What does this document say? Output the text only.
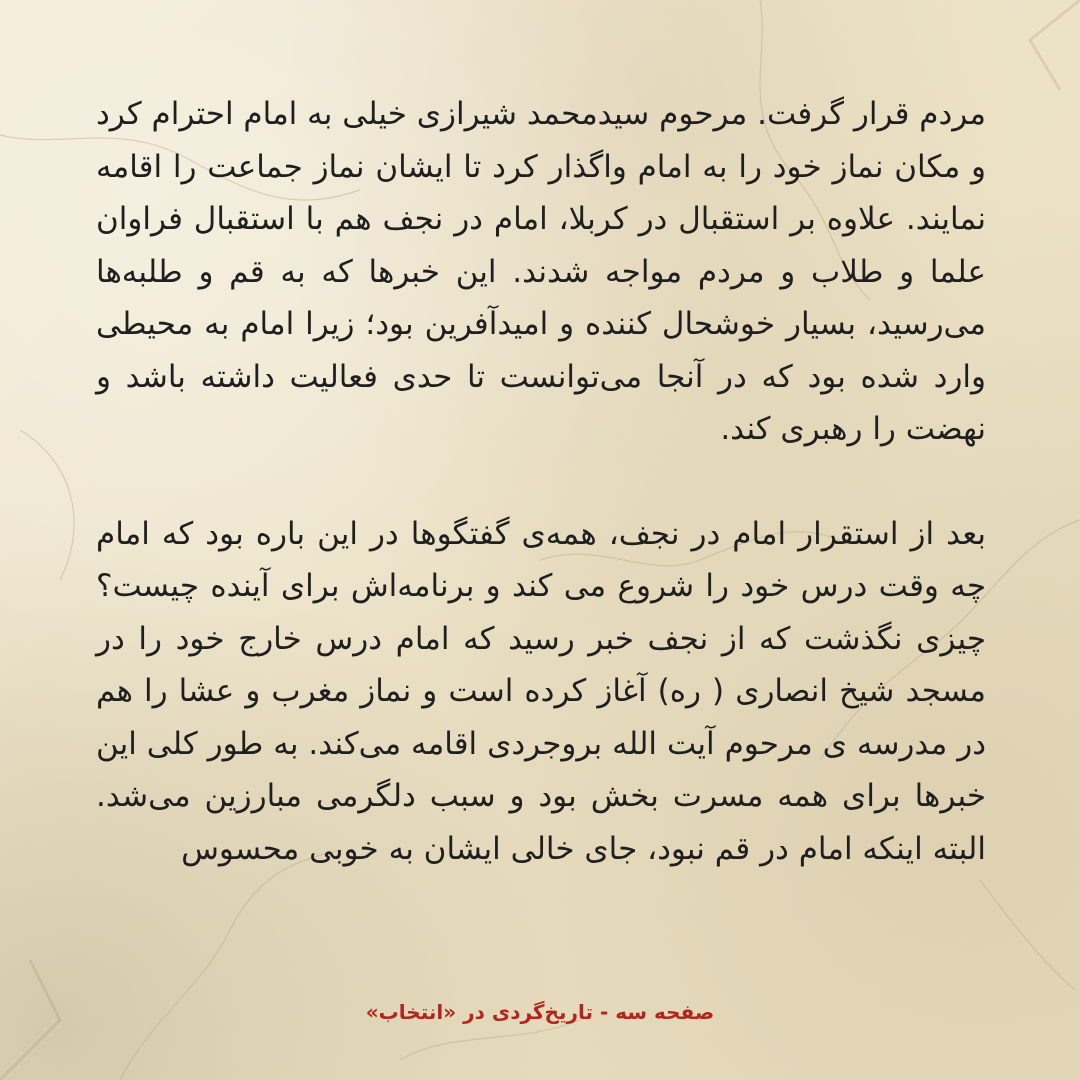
مردم قرار گرفت. مرحوم سیدمحمد شیرازی خیلی به امام احترام کرد و مکان نماز خود را به امام واگذار کرد تا ایشان نماز جماعت را اقامه نمایند. علاوه بر استقبال در کربلا، امام در نجف هم با استقبال فراوان علما و طلاب و مردم مواجه شدند. این خبرها که به قم و طلبه‌ها می‌رسید، بسیار خوشحال کننده و امیدآفرین بود؛ زیرا امام به محیطی وارد شده بود که در آنجا می‌توانست تا حدی فعالیت داشته باشد و نهضت را رهبری کند.

بعد از استقرار امام در نجف، همه‌ی گفتگوها در این باره بود که امام چه وقت درس خود را شروع می کند و برنامه‌اش برای آینده چیست؟ چیزی نگذشت که از نجف خبر رسید که امام درس خارج خود را در مسجد شیخ انصاری ( ره) آغاز کرده است و نماز مغرب و عشا را هم در مدرسه ی مرحوم آیت الله بروجردی اقامه می‌کند. به طور کلی این خبرها برای همه مسرت بخش بود و سبب دلگرمی مبارزین می‌شد. البته اینکه امام در قم نبود، جای خالی ایشان به خوبی محسوس

صفحه سه - تاریخ‌گردی در «انتخاب»
